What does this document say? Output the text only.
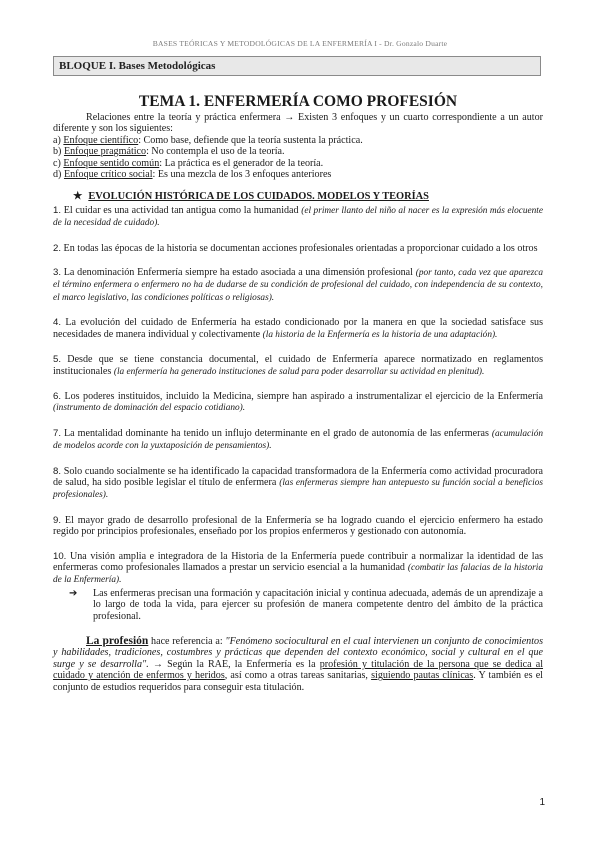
BASES TEÓRICAS Y METODOLÓGICAS DE LA ENFERMERÍA I - Dr. Gonzalo Duarte
BLOQUE I. Bases Metodológicas
TEMA 1. ENFERMERÍA COMO PROFESIÓN

Relaciones entre la teoría y práctica enfermera → Existen 3 enfoques y un cuarto correspondiente a un autor diferente y son los siguientes:

a) Enfoque científico: Como base, defiende que la teoría sustenta la práctica.

b) Enfoque pragmático: No contempla el uso de la teoría.

c) Enfoque sentido común: La práctica es el generador de la teoría.

d) Enfoque crítico social: Es una mezcla de los 3 enfoques anteriores

★ EVOLUCIÓN HISTÓRICA DE LOS CUIDADOS. MODELOS Y TEORÍAS

1. El cuidar es una actividad tan antigua como la humanidad (el primer llanto del niño al nacer es la expresión más elocuente de la necesidad de cuidado).

2. En todas las épocas de la historia se documentan acciones profesionales orientadas a proporcionar cuidado a los otros

3. La denominación Enfermería siempre ha estado asociada a una dimensión profesional (por tanto, cada vez que aparezca el término enfermera o enfermero no ha de dudarse de su condición de profesional del cuidado, con independencia de su contexto, el marco legislativo, las condiciones políticas o religiosas).

4. La evolución del cuidado de Enfermería ha estado condicionado por la manera en que la sociedad satisface sus necesidades de manera individual y colectivamente (la historia de la Enfermería es la historia de una adaptación).

5. Desde que se tiene constancia documental, el cuidado de Enfermería aparece normatizado en reglamentos institucionales (la enfermería ha generado instituciones de salud para poder desarrollar su actividad en plenitud).

6. Los poderes instituidos, incluido la Medicina, siempre han aspirado a instrumentalizar el ejercicio de la Enfermería (instrumento de dominación del espacio cotidiano).

7. La mentalidad dominante ha tenido un influjo determinante en el grado de autonomía de las enfermeras (acumulación de modelos acorde con la yuxtaposición de pensamientos).

8. Solo cuando socialmente se ha identificado la capacidad transformadora de la Enfermería como actividad procuradora de salud, ha sido posible legislar el título de enfermera (las enfermeras siempre han antepuesto su función social a beneficios profesionales).

9. El mayor grado de desarrollo profesional de la Enfermería se ha logrado cuando el ejercicio enfermero ha estado regido por principios profesionales, enseñado por los propios enfermeros y gestionado con autonomía.

10. Una visión amplia e integradora de la Historia de la Enfermería puede contribuir a normalizar la identidad de las enfermeras como profesionales llamados a prestar un servicio esencial a la humanidad (combatir las falacias de la historia de la Enfermería).

➔	Las enfermeras precisan una formación y capacitación inicial y continua adecuada, además de un aprendizaje a lo largo de toda la vida, para ejercer su profesión de manera competente dentro del ámbito de la práctica profesional.

La profesión hace referencia a: "Fenómeno sociocultural en el cual intervienen un conjunto de conocimientos y habilidades, tradiciones, costumbres y prácticas que dependen del contexto económico, social y cultural en el que surge y se desarrolla". → Según la RAE, la Enfermería es la profesión y titulación de la persona que se dedica al cuidado y atención de enfermos y heridos, así como a otras tareas sanitarias, siguiendo pautas clínicas. Y también es el conjunto de estudios requeridos para conseguir esta titulación.

1
